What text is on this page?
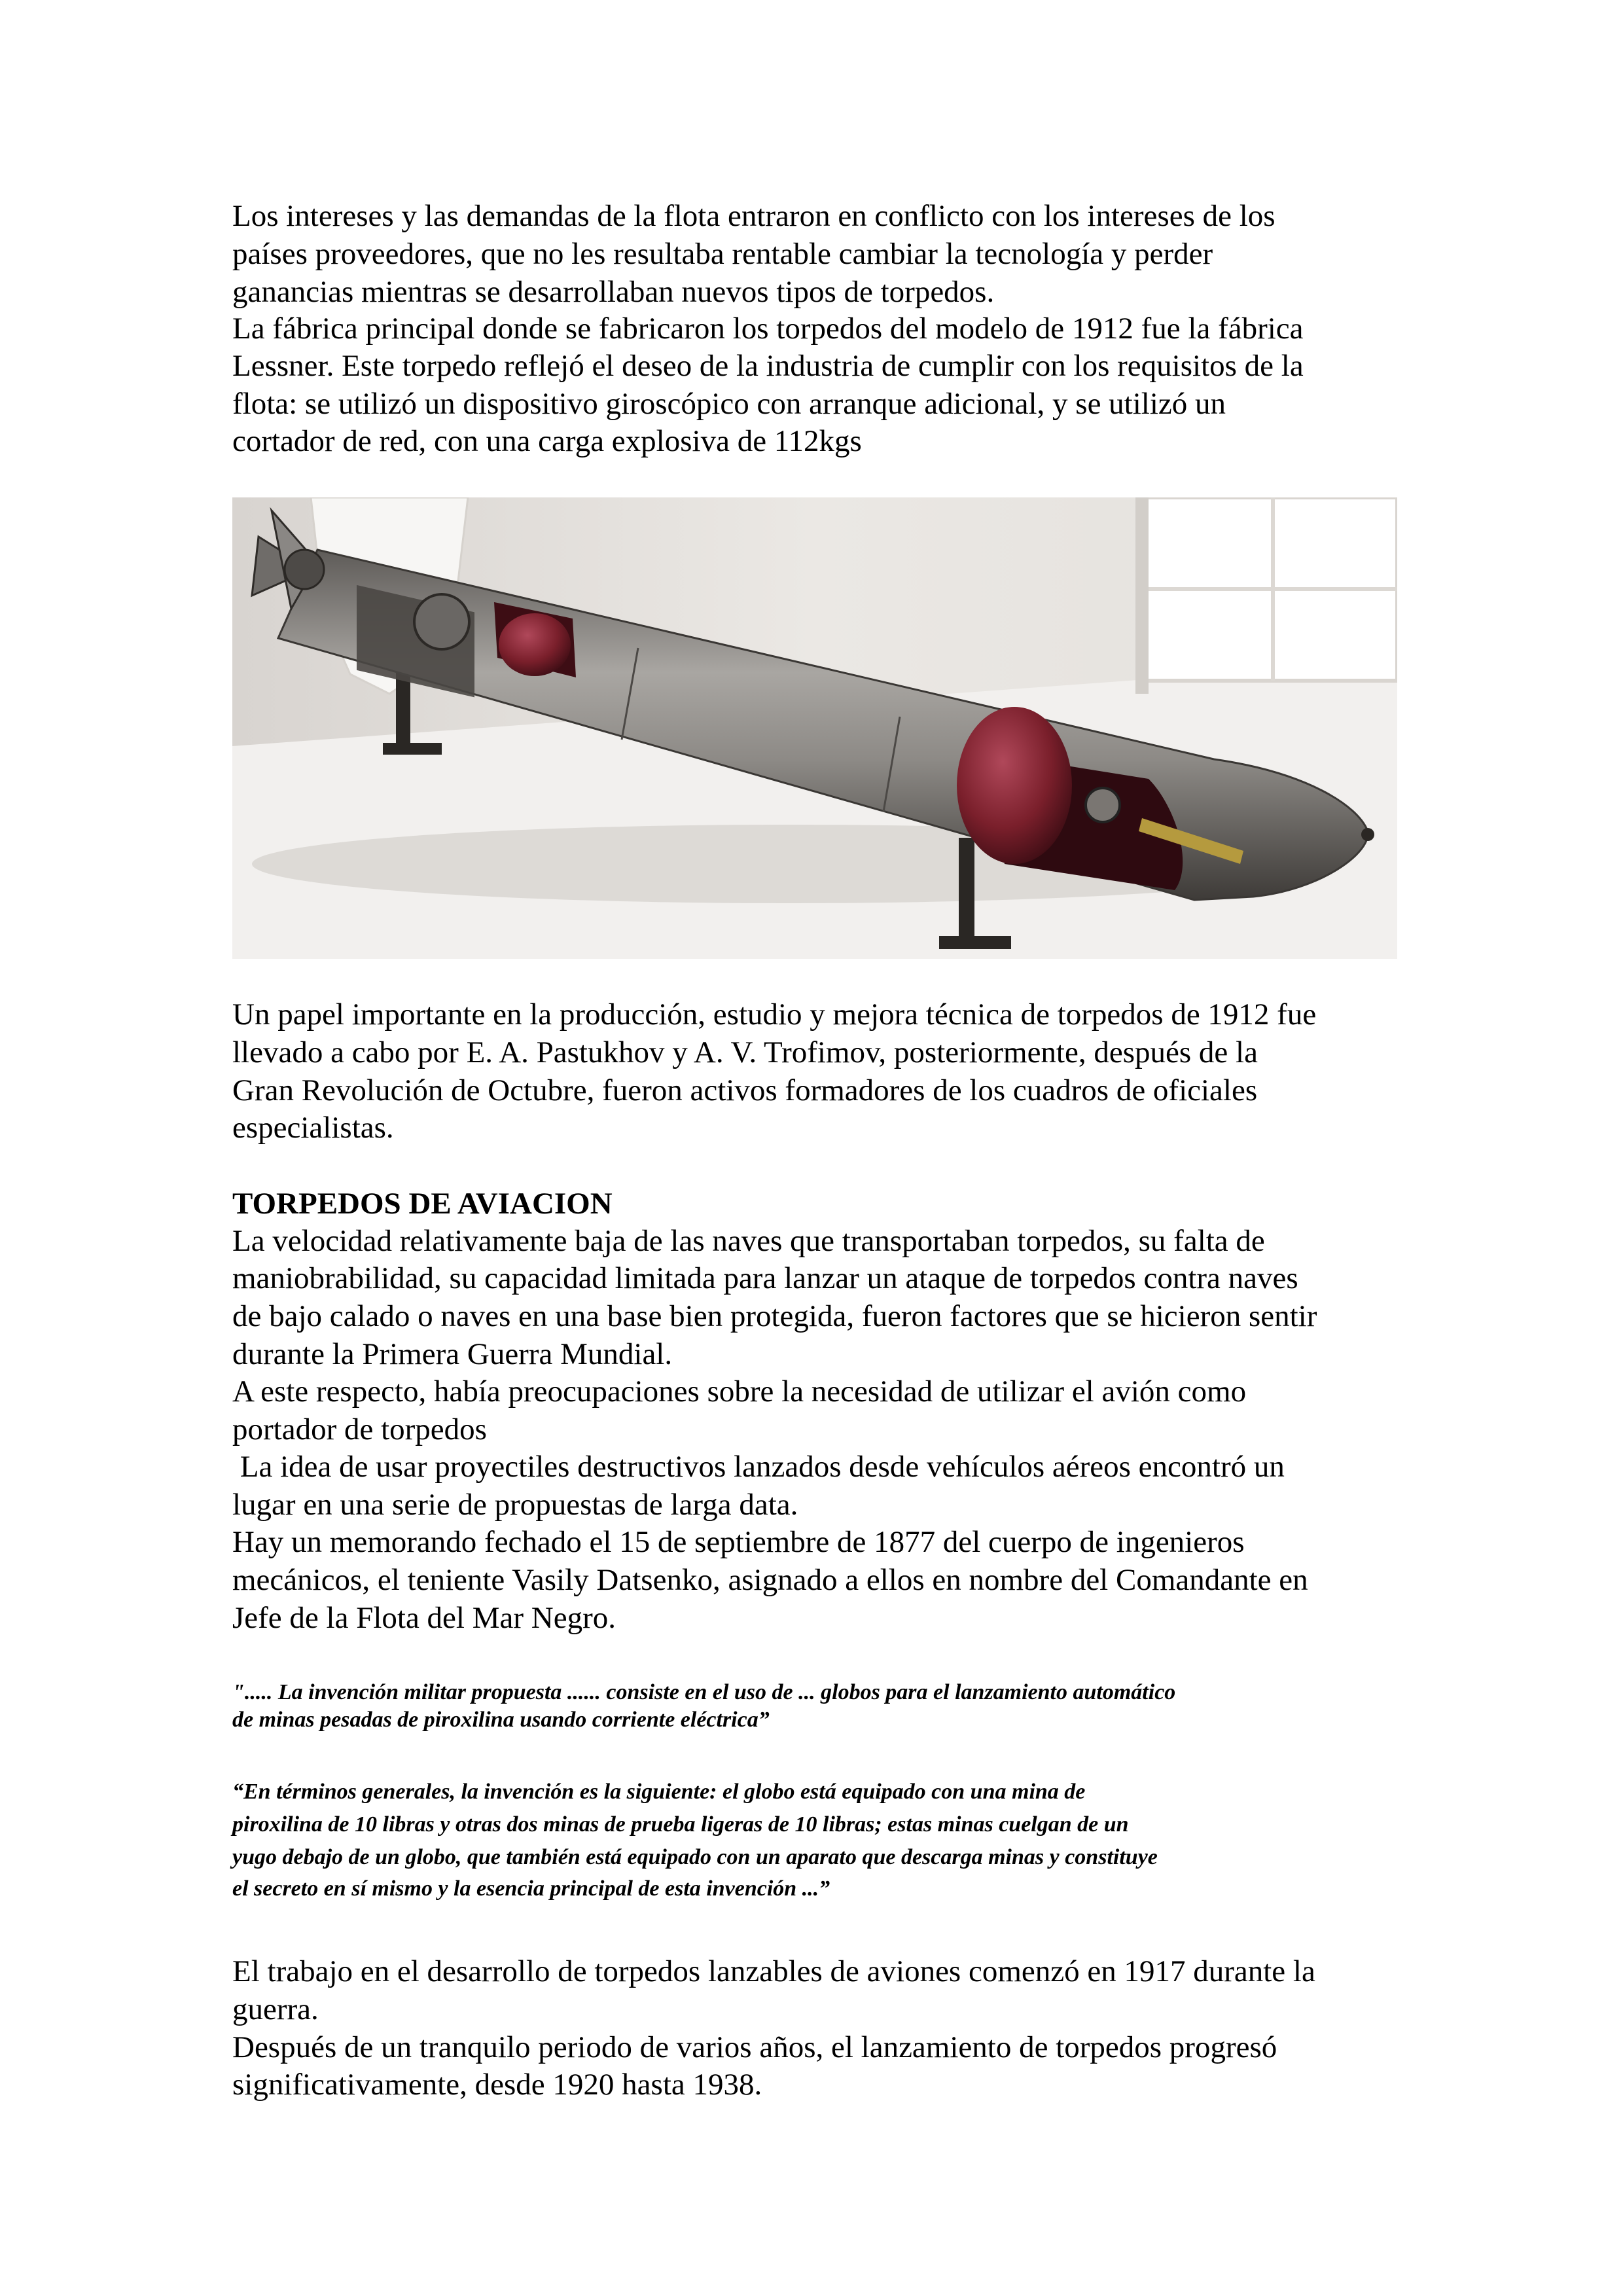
Los intereses y las demandas de la flota entraron en conflicto con los intereses de los
países proveedores, que no les resultaba rentable cambiar la tecnología y perder
ganancias mientras se desarrollaban nuevos tipos de torpedos.
La fábrica principal donde se fabricaron los torpedos del modelo de 1912 fue la fábrica
Lessner. Este torpedo reflejó el deseo de la industria de cumplir con los requisitos de la
flota: se utilizó un dispositivo giroscópico con arranque adicional, y se utilizó un
cortador de red, con una carga explosiva de 112kgs
Un papel importante en la producción, estudio y mejora técnica de torpedos de 1912 fue
llevado a cabo por E. A. Pastukhov y A. V. Trofimov, posteriormente, después de la
Gran Revolución de Octubre, fueron activos formadores de los cuadros de oficiales
especialistas.
TORPEDOS DE AVIACION
La velocidad relativamente baja de las naves que transportaban torpedos, su falta de
maniobrabilidad, su capacidad limitada para lanzar un ataque de torpedos contra naves
de bajo calado o naves en una base bien protegida, fueron factores que se hicieron sentir
durante la Primera Guerra Mundial.
A este respecto, había preocupaciones sobre la necesidad de utilizar el avión como
portador de torpedos
La idea de usar proyectiles destructivos lanzados desde vehículos aéreos encontró un
lugar en una serie de propuestas de larga data.
Hay un memorando fechado el 15 de septiembre de 1877 del cuerpo de ingenieros
mecánicos, el teniente Vasily Datsenko, asignado a ellos en nombre del Comandante en
Jefe de la Flota del Mar Negro.
"..... La invención militar propuesta ...... consiste en el uso de ... globos para el lanzamiento automático
de minas pesadas de piroxilina usando corriente eléctrica”
“En términos generales, la invención es la siguiente: el globo está equipado con una mina de
piroxilina de 10 libras y otras dos minas de prueba ligeras de 10 libras; estas minas cuelgan de un
yugo debajo de un globo, que también está equipado con un aparato que descarga minas y constituye
el secreto en sí mismo y la esencia principal de esta invención ...”
El trabajo en el desarrollo de torpedos lanzables de aviones comenzó en 1917 durante la
guerra.
Después de un tranquilo periodo de varios años, el lanzamiento de torpedos progresó
significativamente, desde 1920 hasta 1938.
